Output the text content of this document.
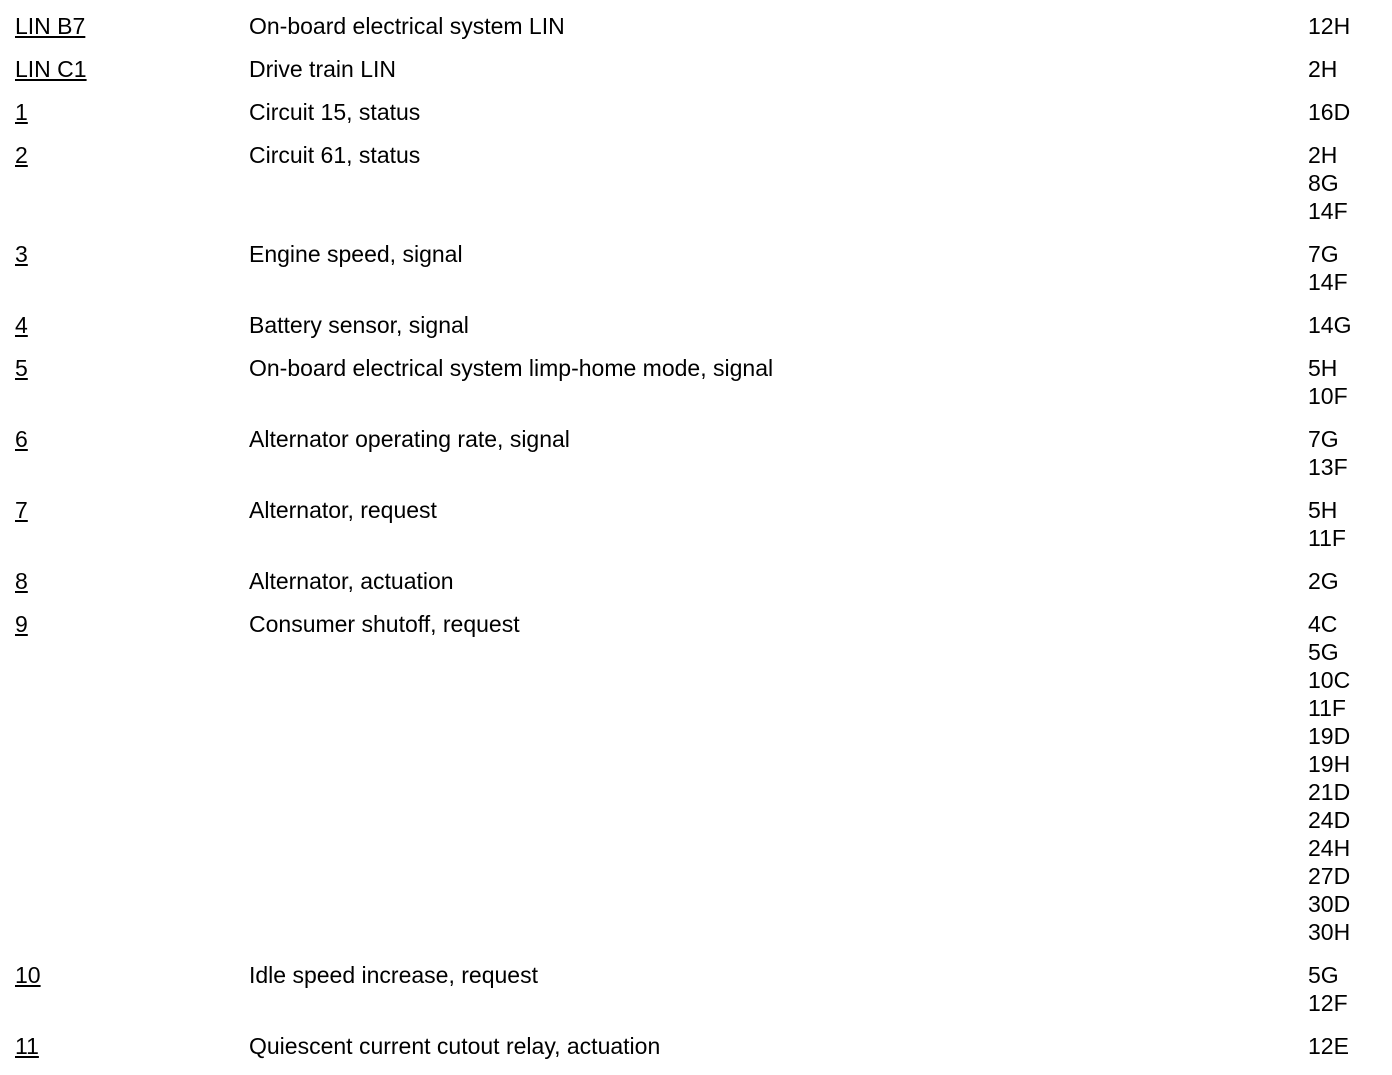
LIN B7	On-board electrical system LIN	12H
LIN C1	Drive train LIN	2H
1	Circuit 15, status	16D
2	Circuit 61, status	2H
8G
14F
3	Engine speed, signal	7G
14F
4	Battery sensor, signal	14G
5	On-board electrical system limp-home mode, signal	5H
10F
6	Alternator operating rate, signal	7G
13F
7	Alternator, request	5H
11F
8	Alternator, actuation	2G
9	Consumer shutoff, request	4C
5G
10C
11F
19D
19H
21D
24D
24H
27D
30D
30H
10	Idle speed increase, request	5G
12F
11	Quiescent current cutout relay, actuation	12E
